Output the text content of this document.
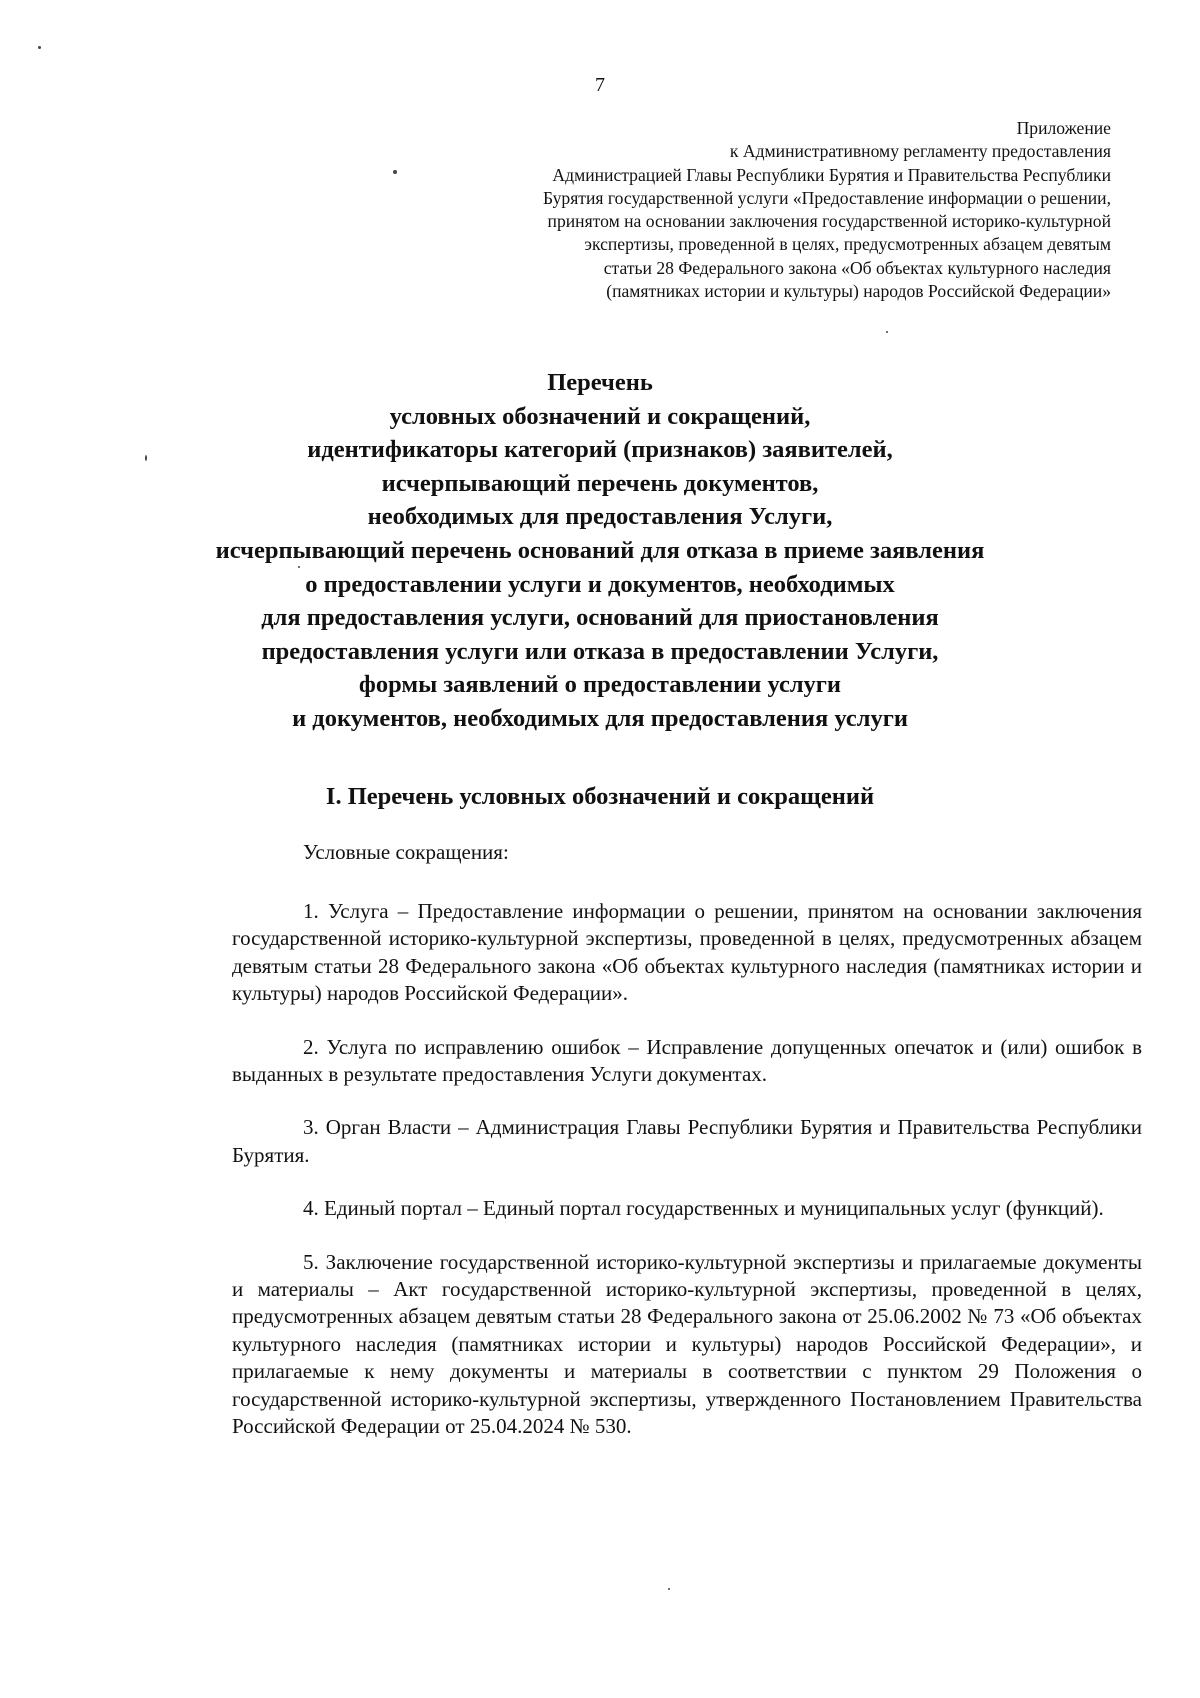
7
Приложение
к Административному регламенту предоставления
Администрацией Главы Республики Бурятия и Правительства Республики
Бурятия государственной услуги «Предоставление информации о решении,
принятом на основании заключения государственной историко-культурной
экспертизы, проведенной в целях, предусмотренных абзацем девятым
статьи 28 Федерального закона «Об объектах культурного наследия
(памятниках истории и культуры) народов Российской Федерации»
Перечень
условных обозначений и сокращений,
идентификаторы категорий (признаков) заявителей,
исчерпывающий перечень документов,
необходимых для предоставления Услуги,
исчерпывающий перечень оснований для отказа в приеме заявления
о предоставлении услуги и документов, необходимых
для предоставления услуги, оснований для приостановления
предоставления услуги или отказа в предоставлении Услуги,
формы заявлений о предоставлении услуги
и документов, необходимых для предоставления услуги
I. Перечень условных обозначений и сокращений
Условные сокращения:

1. Услуга – Предоставление информации о решении, принятом на основании заключения государственной историко-культурной экспертизы, проведенной в целях, предусмотренных абзацем девятым статьи 28 Федерального закона «Об объектах культурного наследия (памятниках истории и культуры) народов Российской Федерации».

2. Услуга по исправлению ошибок – Исправление допущенных опечаток и (или) ошибок в выданных в результате предоставления Услуги документах.

3. Орган Власти – Администрация Главы Республики Бурятия и Правительства Республики Бурятия.

4. Единый портал – Единый портал государственных и муниципальных услуг (функций).

5. Заключение государственной историко-культурной экспертизы и прилагаемые документы и материалы – Акт государственной историко-культурной экспертизы, проведенной в целях, предусмотренных абзацем девятым статьи 28 Федерального закона от 25.06.2002 № 73 «Об объектах культурного наследия (памятниках истории и культуры) народов Российской Федерации», и прилагаемые к нему документы и материалы в соответствии с пунктом 29 Положения о государственной историко-культурной экспертизы, утвержденного Постановлением Правительства Российской Федерации от 25.04.2024 № 530.
